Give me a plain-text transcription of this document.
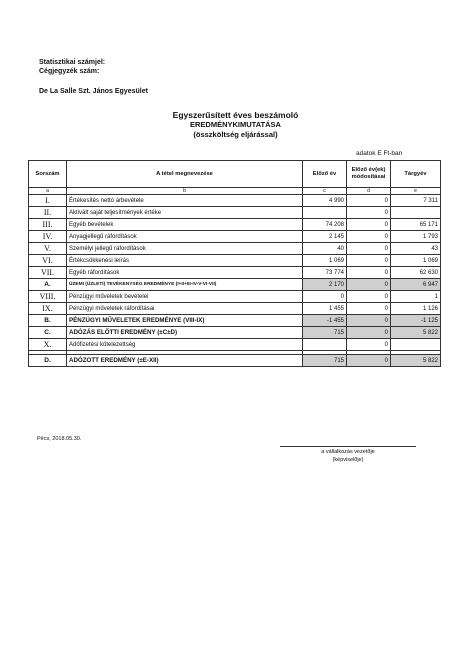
Statisztikai számjel:
Cégjegyzék szám:
De La Salle Szt. János Egyesület
Egyszerűsített éves beszámoló
EREDMÉNYKIMUTATÁSA
(összköltség eljárással)
adatok E Ft-ban
Sorszám	A tétel megnevezése	Előző év	Előző év(ek) módosításai	Tárgyév
a	b	c	d	e
I.	Értékesítés nettó árbevétele	4 990	0	7 311
II.	Aktivált saját teljesítmények értéke		0	
III.	Egyéb bevételek	74 208	0	65 171
IV.	Anyagjellegű ráfordítások	2 145	0	1 793
V.	Személyi jellegű ráfordítások	40	0	43
VI.	Értékcsökkenési leírás	1 069	0	1 069
VII.	Egyéb ráfordítások	73 774	0	62 630
A.	ÜZEMI (ÜZLETI) TEVÉKENYSÉG EREDMÉNYE (I+II+III-IV-V-VI-VII)	2 170	0	6 947
VIII.	Pénzügyi műveletek bevételei	0	0	1
IX.	Pénzügyi műveletek ráfordításai	1 455	0	1 126
B.	PÉNZÜGYI MŰVELETEK EREDMÉNYE (VIII-IX)	-1 455	0	-1 125
C.	ADÓZÁS ELŐTTI EREDMÉNY (±C±D)	715	0	5 822
X.	Adófizetési kötelezettség		0	

D.	ADÓZOTT EREDMÉNY (±E-XII)	715	0	5 822
Pécs, 2018.05.30.
a vállalkozás vezetője
(képviselője)
